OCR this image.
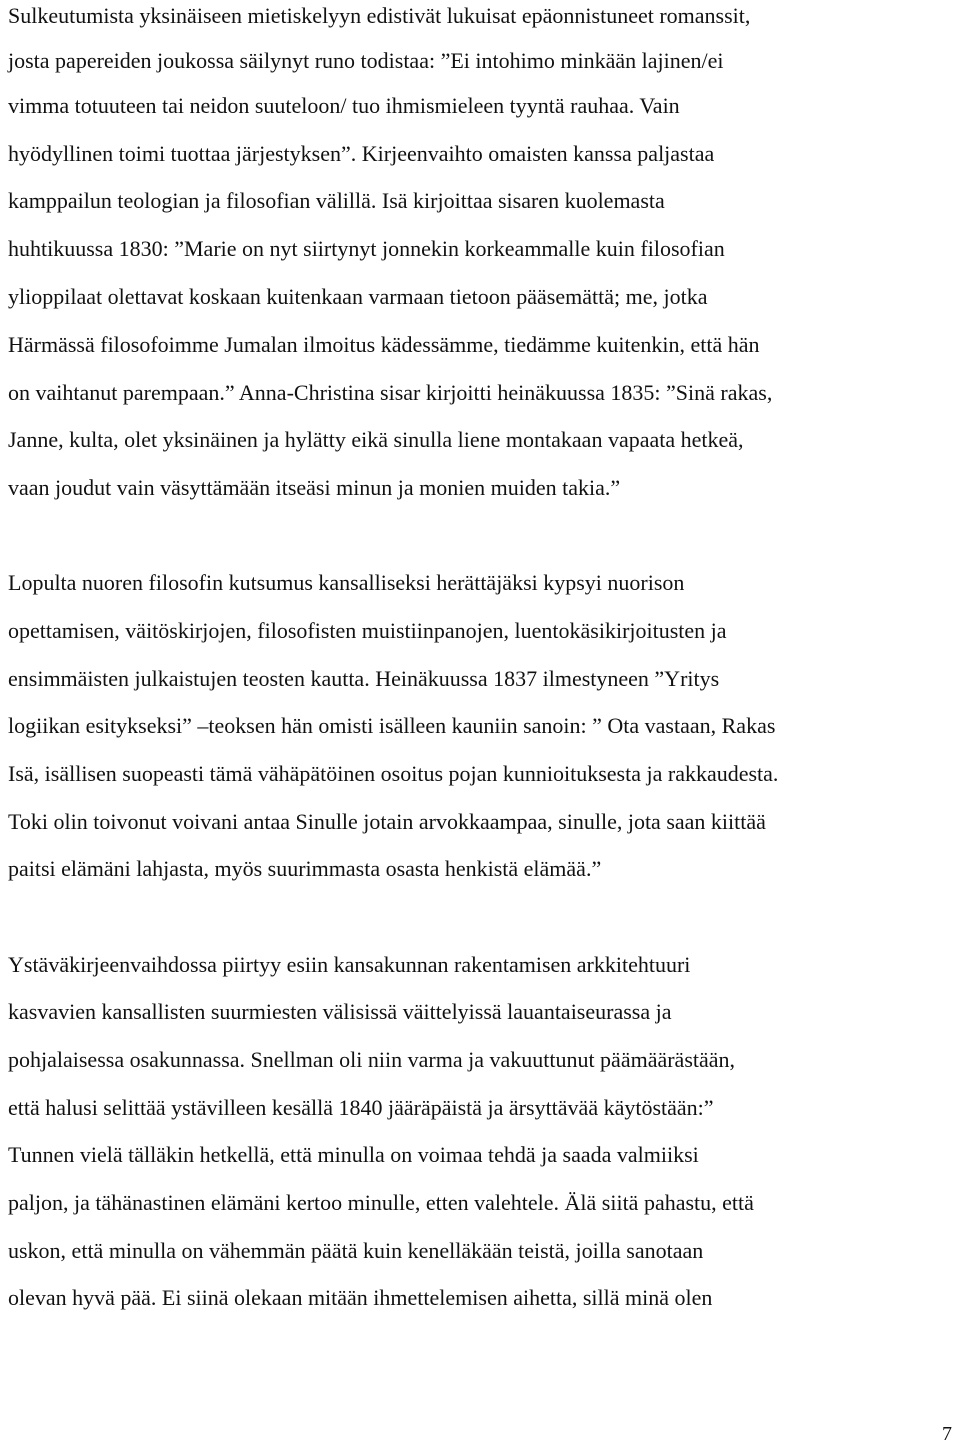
Sulkeutumista yksinäiseen mietiskelyyn edistivät lukuisat epäonnistuneet romanssit,
josta papereiden joukossa säilynyt runo todistaa: ”Ei intohimo minkään lajinen/ei
vimma totuuteen tai neidon suuteloon/ tuo ihmismieleen tyyntä rauhaa. Vain
hyödyllinen toimi tuottaa järjestyksen”. Kirjeenvaihto omaisten kanssa paljastaa
kamppailun teologian ja filosofian välillä. Isä kirjoittaa sisaren kuolemasta
huhtikuussa 1830: ”Marie on nyt siirtynyt jonnekin korkeammalle kuin filosofian
ylioppilaat olettavat koskaan kuitenkaan varmaan tietoon pääsemättä; me, jotka
Härmässä filosofoimme Jumalan ilmoitus kädessämme, tiedämme kuitenkin, että hän
on vaihtanut parempaan.” Anna-Christina sisar kirjoitti heinäkuussa 1835: ”Sinä rakas,
Janne, kulta, olet yksinäinen ja hylätty eikä sinulla liene montakaan vapaata hetkeä,
vaan joudut vain väsyttämään itseäsi minun ja monien muiden takia.”
Lopulta nuoren filosofin kutsumus kansalliseksi herättäjäksi kypsyi nuorison
opettamisen, väitöskirjojen, filosofisten muistiinpanojen, luentokäsikirjoitusten ja
ensimmäisten julkaistujen teosten kautta. Heinäkuussa 1837 ilmestyneen ”Yritys
logiikan esitykseksi” –teoksen hän omisti isälleen kauniin sanoin: ” Ota vastaan, Rakas
Isä, isällisen suopeasti tämä vähäpätöinen osoitus pojan kunnioituksesta ja rakkaudesta.
Toki olin toivonut voivani antaa Sinulle jotain arvokkaampaa, sinulle, jota saan kiittää
paitsi elämäni lahjasta, myös suurimmasta osasta henkistä elämää.”
Ystäväkirjeenvaihdossa piirtyy esiin kansakunnan rakentamisen arkkitehtuuri
kasvavien kansallisten suurmiesten välisissä väittelyissä lauantaiseurassa ja
pohjalaisessa osakunnassa. Snellman oli niin varma ja vakuuttunut päämäärästään,
että halusi selittää ystävilleen kesällä 1840 jääräpäistä ja ärsyttävää käytöstään:”
Tunnen vielä tälläkin hetkellä, että minulla on voimaa tehdä ja saada valmiiksi
paljon, ja tähänastinen elämäni kertoo minulle, etten valehtele. Älä siitä pahastu, että
uskon, että minulla on vähemmän päätä kuin kenelläkään teistä, joilla sanotaan
olevan hyvä pää. Ei siinä olekaan mitään ihmettelemisen aihetta, sillä minä olen
7
